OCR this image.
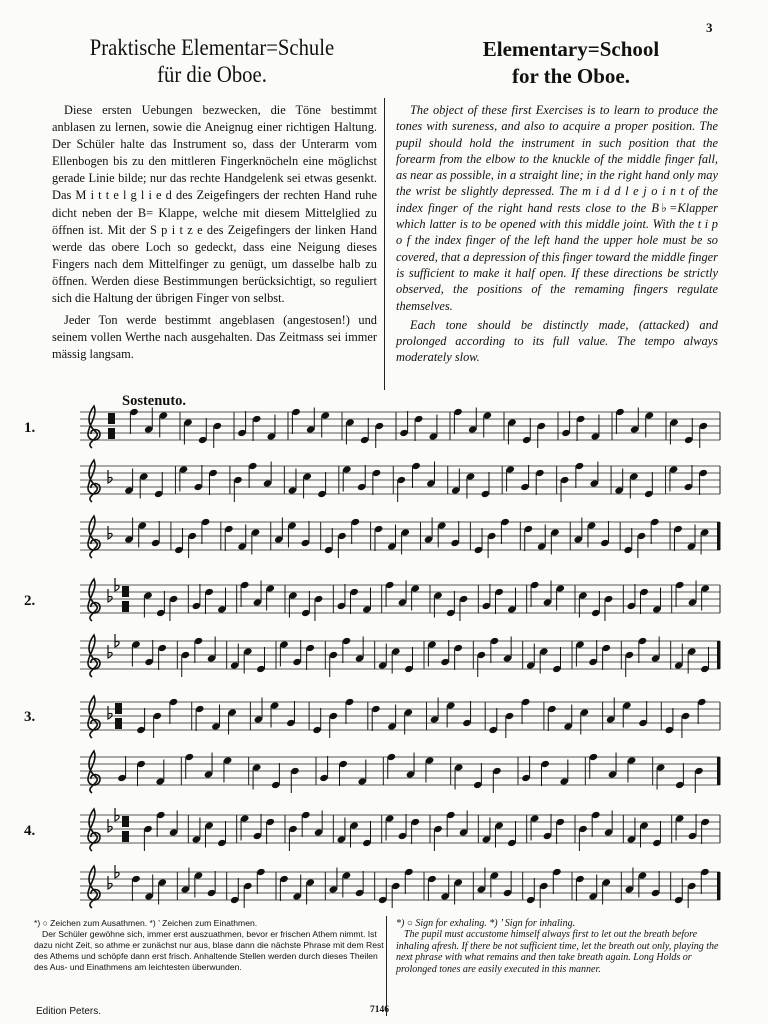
3
Praktische Elementar=Schule
für die Oboe.
Elementary=School
for the Oboe.

Diese ersten Uebungen bezwecken, die Töne bestimmt anblasen zu lernen, sowie die Aneignug einer richtigen Haltung. Der Schüler halte das Instrument so, dass der Unterarm vom Ellenbogen bis zu den mittleren Fingerknöcheln eine möglichst gerade Linie bilde; nur das rechte Handgelenk sei etwas gesenkt. Das M i t t e l g l i e d des Zeigefingers der rechten Hand ruhe dicht neben der B= Klappe, welche mit diesem Mittelglied zu öffnen ist. Mit der S p i t z e des Zeigefingers der linken Hand werde das obere Loch so gedeckt, dass eine Neigung dieses Fingers nach dem Mittelfinger zu genügt, um dasselbe halb zu öffnen. Werden diese Bestimmungen berücksichtigt, so reguliert sich die Haltung der übrigen Finger von selbst.

Jeder Ton werde bestimmt angeblasen (angestosen!) und seinem vollen Werthe nach ausgehalten. Das Zeitmass sei immer mässig langsam.

The object of these first Exercises is to learn to produce the tones with sureness, and also to acquire a proper position. The pupil should hold the instrument in such position that the forearm from the elbow to the knuckle of the middle finger fall, as near as possible, in a straight line; in the right hand only may the wrist be slightly depressed. The m i d d l e j o i n t of the index finger of the right hand rests close to the B♭=Klapper which latter is to be opened with this middle joint. With the t i p o f the index finger of the left hand the upper hole must be so covered, that a depression of this finger toward the middle finger is sufficient to make it half open. If these directions be strictly observed, the positions of the remaming fingers regulate themselves.

Each tone should be distinctly made, (attacked) and prolonged according to its full value. The tempo always moderately slow.

Sostenuto.
1.
2.
3.
4.

*) ○ Zeichen zum Ausathmen. *) ’ Zeichen zum Einathmen.

Der Schüler gewöhne sich, immer erst auszuathmen, bevor er frischen Athem nimmt. Ist dazu nicht Zeit, so athme er zunächst nur aus, blase dann die nächste Phrase mit dem Rest des Athems und schöpfe dann erst frisch. Anhaltende Stellen werden durch dieses Theilen des Aus- und Einathmens am leichtesten überwunden.

*) ○ Sign for exhaling. *) ’ Sign for inhaling.

The pupil must accustome himself always first to let out the breath before inhaling afresh. If there be not sufficient time, let the breath out only, playing the next phrase with what remains and then take breath again. Long Holds or prolonged tones are easily executed in this manner.

Edition Peters.	7146
